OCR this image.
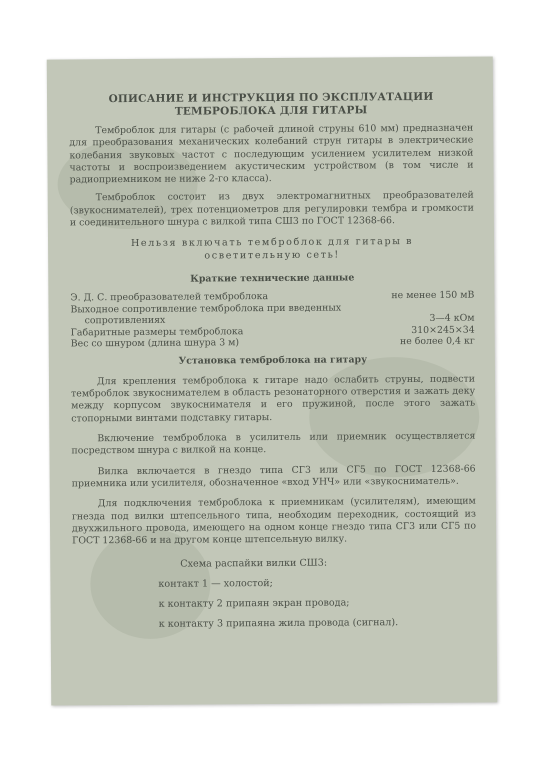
ОПИСАНИЕ И ИНСТРУКЦИЯ ПО ЭКСПЛУАТАЦИИ
ТЕМБРОБЛОКА ДЛЯ ГИТАРЫ

Темброблок для гитары (с рабочей длиной струны 610 мм) предназначен для преобразования механических колебаний струн гитары в электрические колебания звуковых частот с последующим усилением усилителем низкой частоты и воспроизведением акустическим устройством (в том числе и радиоприемником не ниже 2-го класса).

Темброблок состоит из двух электромагнитных преобразователей (звукоснимателей), трех потенциометров для регулировки тембра и громкости и соединительного шнура с вилкой типа СШ3 по ГОСТ 12368-66.

Нельзя включать темброблок для гитары в
осветительную сеть!
Краткие технические данные
Э. Д. С. преобразователей темброблока	не менее 150 мВ
Выходное сопротивление темброблока при введенных
сопротивлениях	3—4 кОм
Габаритные размеры темброблока	310×245×34
Вес со шнуром (длина шнура 3 м)	не более 0,4 кг
Установка темброблока на гитару

Для крепления темброблока к гитаре надо ослабить струны, подвести темброблок звукоснимателем в область резонаторного отверстия и зажать деку между корпусом звукоснимателя и его пружиной, после этого зажать стопорными винтами подставку гитары.

Включение темброблока в усилитель или приемник осуществляется посредством шнура с вилкой на конце.

Вилка включается в гнездо типа СГ3 или СГ5 по ГОСТ 12368-66 приемника или усилителя, обозначенное «вход УНЧ» или «звукосниматель».

Для подключения темброблока к приемникам (усилителям), имеющим гнезда под вилки штепсельного типа, необходим переходник, состоящий из двухжильного провода, имеющего на одном конце гнездо типа СГ3 или СГ5 по ГОСТ 12368-66 и на другом конце штепсельную вилку.

Схема распайки вилки СШ3:
контакт 1 — холостой;
к контакту 2 припаян экран провода;
к контакту 3 припаяна жила провода (сигнал).
